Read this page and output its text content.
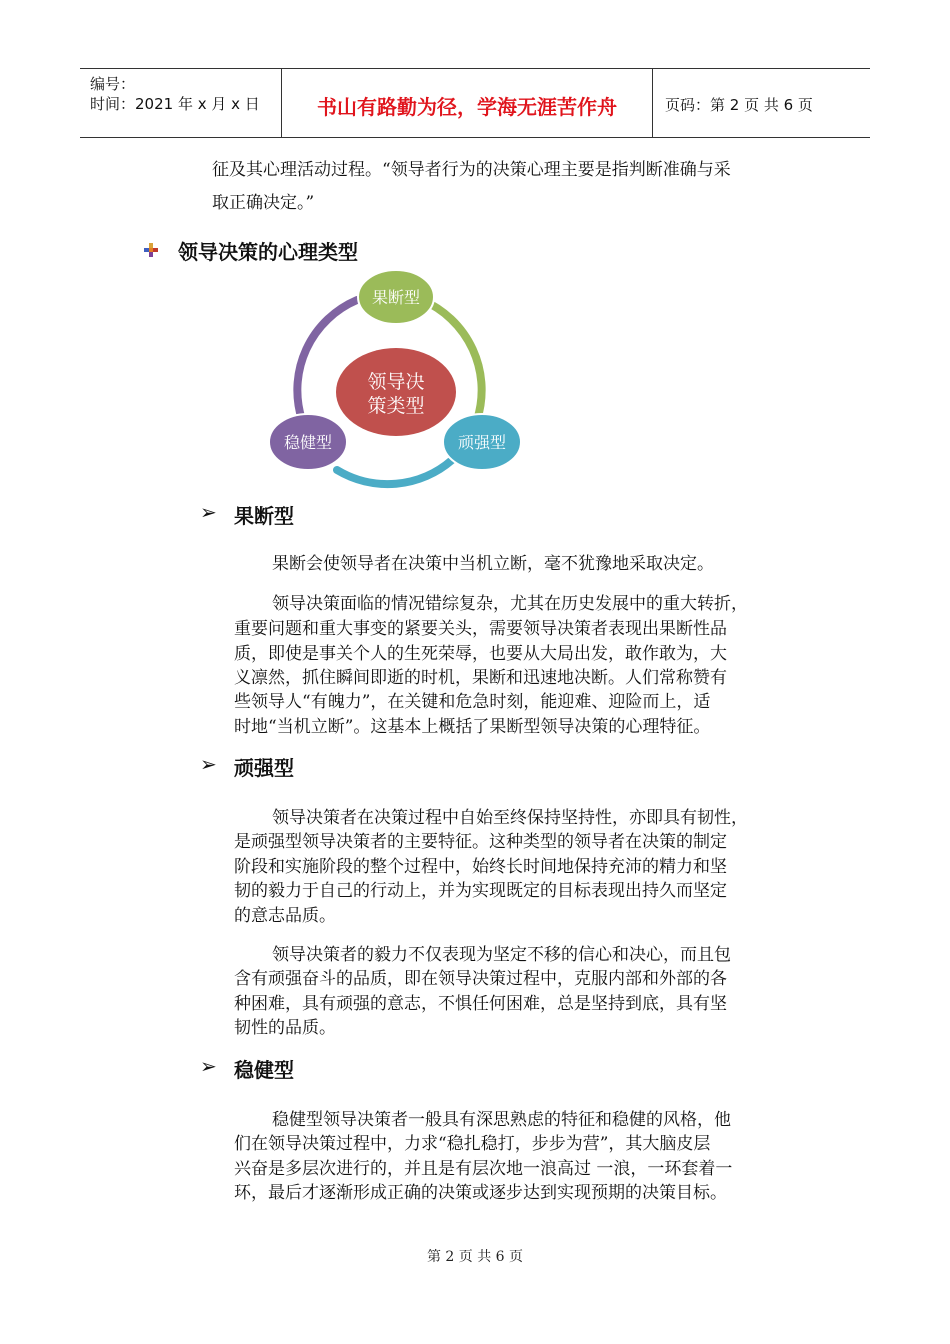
编号：
时间：2021 年 x 月 x 日	书山有路勤为径，学海无涯苦作舟	页码：第 2 页 共 6 页
征及其心理活动过程。“领导者行为的决策心理主要是指判断准确与采
取正确决定。”
领导决策的心理类型
领导决
策类型
果断型
顽强型
稳健型
➢ 果断型
果断会使领导者在决策中当机立断，毫不犹豫地采取决定。
领导决策面临的情况错综复杂，尤其在历史发展中的重大转折，
重要问题和重大事变的紧要关头，需要领导决策者表现出果断性品
质，即使是事关个人的生死荣辱，也要从大局出发，敢作敢为，大
义凛然，抓住瞬间即逝的时机，果断和迅速地决断。人们常称赞有
些领导人“有魄力”，在关键和危急时刻，能迎难、迎险而上，适
时地“当机立断”。这基本上概括了果断型领导决策的心理特征。
➢ 顽强型
领导决策者在决策过程中自始至终保持坚持性，亦即具有韧性，
是顽强型领导决策者的主要特征。这种类型的领导者在决策的制定
阶段和实施阶段的整个过程中，始终长时间地保持充沛的精力和坚
韧的毅力于自己的行动上，并为实现既定的目标表现出持久而坚定
的意志品质。
领导决策者的毅力不仅表现为坚定不移的信心和决心，而且包
含有顽强奋斗的品质，即在领导决策过程中，克服内部和外部的各
种困难，具有顽强的意志，不惧任何困难，总是坚持到底，具有坚
韧性的品质。
➢ 稳健型
稳健型领导决策者一般具有深思熟虑的特征和稳健的风格，他
们在领导决策过程中，力求“稳扎稳打，步步为营”，其大脑皮层
兴奋是多层次进行的，并且是有层次地一浪高过 一浪，一环套着一
环，最后才逐渐形成正确的决策或逐步达到实现预期的决策目标。
第 2 页 共 6 页
